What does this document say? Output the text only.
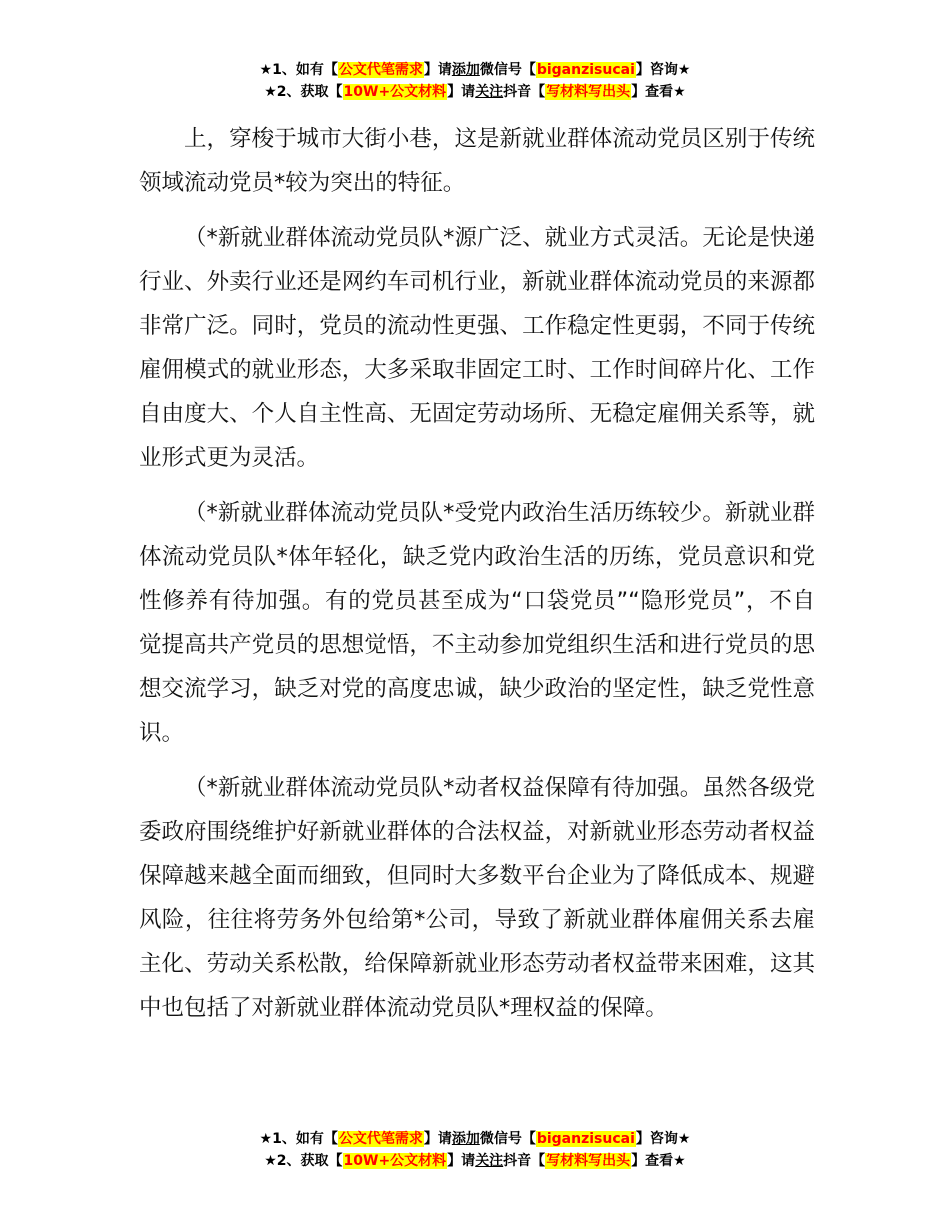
★1、如有【公文代笔需求】请添加微信号【biganzisucai】咨询★
★2、获取【10W+公文材料】请关注抖音【写材料写出头】查看★

上，穿梭于城市大街小巷，这是新就业群体流动党员区别于传统领域流动党员*较为突出的特征。

（*新就业群体流动党员队*源广泛、就业方式灵活。无论是快递行业、外卖行业还是网约车司机行业，新就业群体流动党员的来源都非常广泛。同时，党员的流动性更强、工作稳定性更弱，不同于传统雇佣模式的就业形态，大多采取非固定工时、工作时间碎片化、工作自由度大、个人自主性高、无固定劳动场所、无稳定雇佣关系等，就业形式更为灵活。

（*新就业群体流动党员队*受党内政治生活历练较少。新就业群体流动党员队*体年轻化，缺乏党内政治生活的历练，党员意识和党性修养有待加强。有的党员甚至成为“口袋党员”“隐形党员”，不自觉提高共产党员的思想觉悟，不主动参加党组织生活和进行党员的思想交流学习，缺乏对党的高度忠诚，缺少政治的坚定性，缺乏党性意识。

（*新就业群体流动党员队*动者权益保障有待加强。虽然各级党委政府围绕维护好新就业群体的合法权益，对新就业形态劳动者权益保障越来越全面而细致，但同时大多数平台企业为了降低成本、规避风险，往往将劳务外包给第*公司，导致了新就业群体雇佣关系去雇主化、劳动关系松散，给保障新就业形态劳动者权益带来困难，这其中也包括了对新就业群体流动党员队*理权益的保障。

★1、如有【公文代笔需求】请添加微信号【biganzisucai】咨询★
★2、获取【10W+公文材料】请关注抖音【写材料写出头】查看★
